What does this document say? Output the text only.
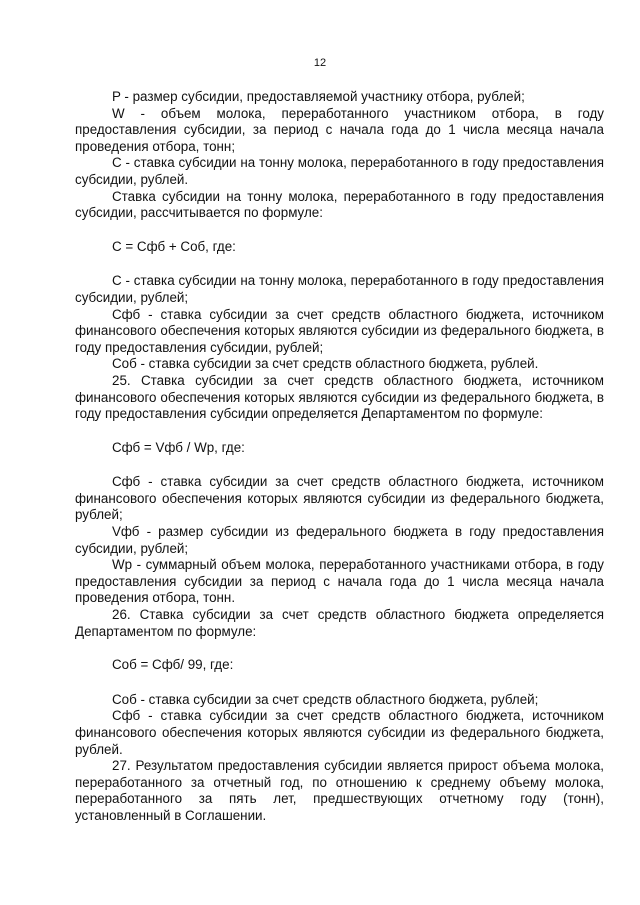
12

P - размер субсидии, предоставляемой участнику отбора, рублей;

W - объем молока, переработанного участником отбора, в году предоставления субсидии, за период с начала года до 1 числа месяца начала проведения отбора, тонн;

C - ставка субсидии на тонну молока, переработанного в году предоставления субсидии, рублей.

Ставка субсидии на тонну молока, переработанного в году предоставления субсидии, рассчитывается по формуле:

C = Cфб + Cоб, где:

C - ставка субсидии на тонну молока, переработанного в году предоставления субсидии, рублей;

Cфб - ставка субсидии за счет средств областного бюджета, источником финансового обеспечения которых являются субсидии из федерального бюджета, в году предоставления субсидии, рублей;

Cоб - ставка субсидии за счет средств областного бюджета, рублей.

25. Ставка субсидии за счет средств областного бюджета, источником финансового обеспечения которых являются субсидии из федерального бюджета, в году предоставления субсидии определяется Департаментом по формуле:

Cфб = Vфб / Wp, где:

Cфб - ставка субсидии за счет средств областного бюджета, источником финансового обеспечения которых являются субсидии из федерального бюджета, рублей;

Vфб - размер субсидии из федерального бюджета в году предоставления субсидии, рублей;

Wp - суммарный объем молока, переработанного участниками отбора, в году предоставления субсидии за период с начала года до 1 числа месяца начала проведения отбора, тонн.

26. Ставка субсидии за счет средств областного бюджета определяется Департаментом по формуле:

Cоб = Cфб/ 99, где:

Cоб - ставка субсидии за счет средств областного бюджета, рублей;

Cфб - ставка субсидии за счет средств областного бюджета, источником финансового обеспечения которых являются субсидии из федерального бюджета, рублей.

27. Результатом предоставления субсидии является прирост объема молока, переработанного за отчетный год, по отношению к среднему объему молока, переработанного за пять лет, предшествующих отчетному году (тонн), установленный в Соглашении.
